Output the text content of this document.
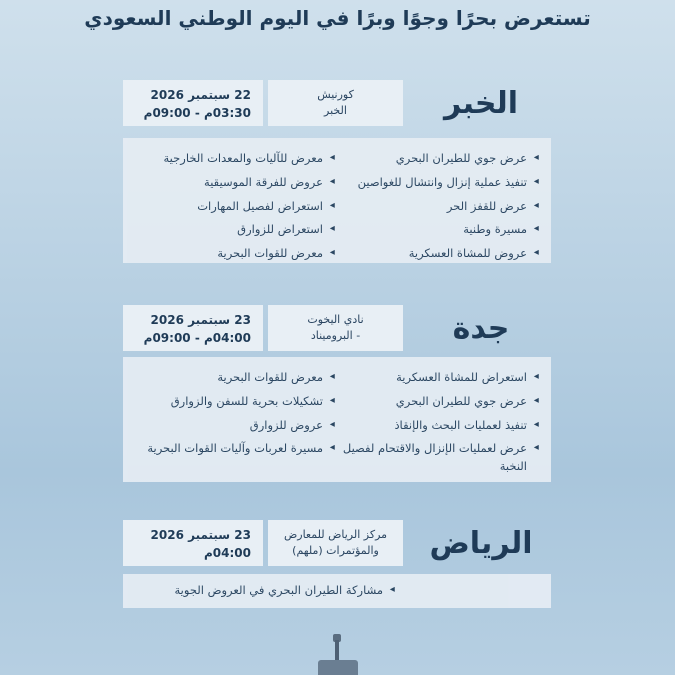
تستعرض بحرًا وجوًا وبرًا في اليوم الوطني السعودي
22 سبتمبر 2026
03:30م - 09:00م
كورنيش
الخبر	الخبر
◂ معرض للآليات والمعدات الخارجية
◂ عروض للفرقة الموسيقية
◂ استعراض لفصيل المهارات
◂ استعراض للزوارق
◂ معرض للقوات البحرية
◂ عرض جوي للطيران البحري
◂ تنفيذ عملية إنزال وانتشال للغواصين
◂ عرض للقفز الحر
◂ مسيرة وطنية
◂ عروض للمشاة العسكرية
23 سبتمبر 2026
04:00م - 09:00م
نادي اليخوت
- البروميناد	جدة
◂ معرض للقوات البحرية
◂ تشكيلات بحرية للسفن والزوارق
◂ عروض للزوارق
◂ مسيرة لعربات وآليات القوات البحرية
◂ استعراض للمشاة العسكرية
◂ عرض جوي للطيران البحري
◂ تنفيذ لعمليات البحث والإنقاذ
◂ عرض لعمليات الإنزال والاقتحام لفصيل النخبة
23 سبتمبر 2026
04:00م
مركز الرياض للمعارض
والمؤتمرات (ملهم)	الرياض
◂ مشاركة الطيران البحري في العروض الجوية
